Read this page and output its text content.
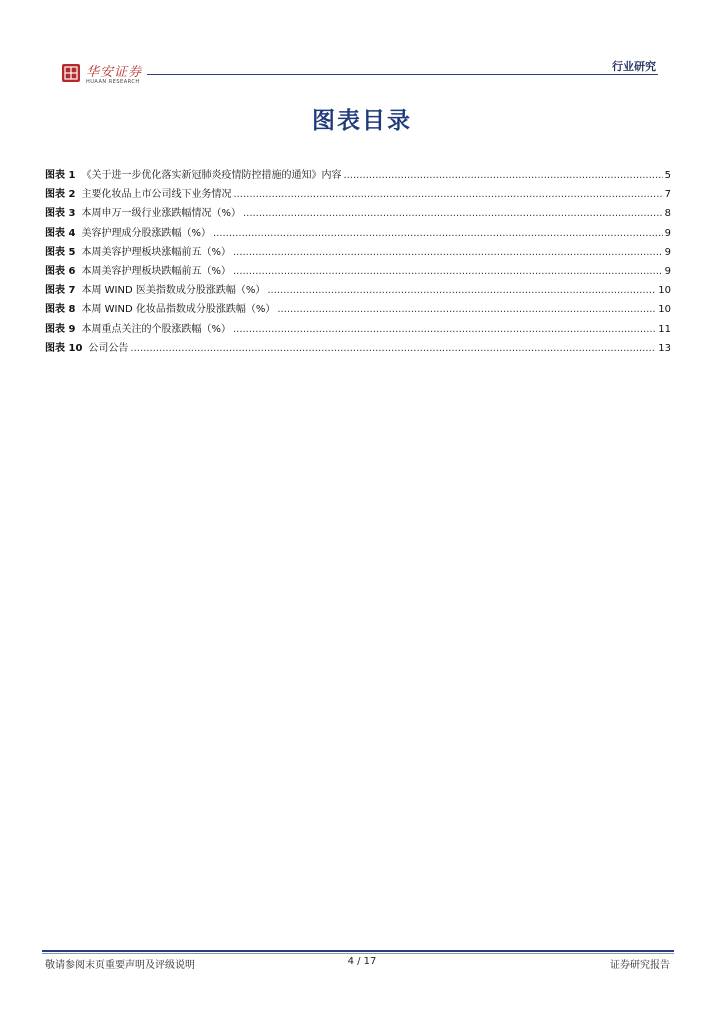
华安证券
HUAAN RESEARCH
行业研究
图表目录
图表 1 《关于进一步优化落实新冠肺炎疫情防控措施的通知》内容 .....	5
图表 2 主要化妆品上市公司线下业务情况 .....	7
图表 3 本周申万一级行业涨跌幅情况（%） .....	8
图表 4 美容护理成分股涨跌幅（%） .....	9
图表 5 本周美容护理板块涨幅前五（%） .....	9
图表 6 本周美容护理板块跌幅前五（%） .....	9
图表 7 本周 WIND 医美指数成分股涨跌幅（%） .....	10
图表 8 本周 WIND 化妆品指数成分股涨跌幅（%） .....	10
图表 9 本周重点关注的个股涨跌幅（%） .....	11
图表 10 公司公告 .....	13
敬请参阅末页重要声明及评级说明	4 / 17	证券研究报告
